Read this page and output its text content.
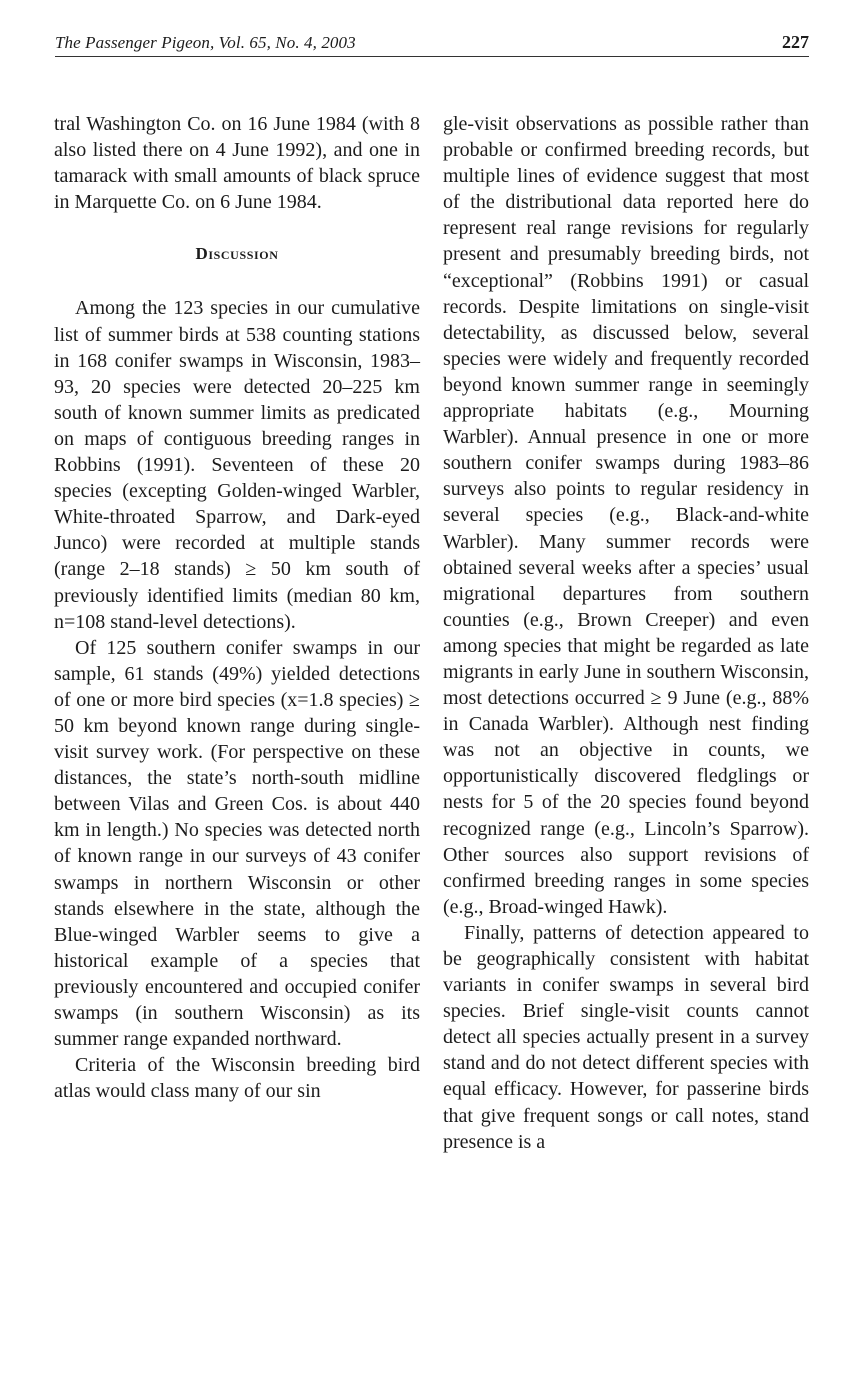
The Passenger Pigeon, Vol. 65, No. 4, 2003	227

tral Washington Co. on 16 June 1984 (with 8 also listed there on 4 June 1992), and one in tamarack with small amounts of black spruce in Marquette Co. on 6 June 1984.

Discussion

Among the 123 species in our cumulative list of summer birds at 538 counting stations in 168 conifer swamps in Wisconsin, 1983–93, 20 species were detected 20–225 km south of known summer limits as predicated on maps of contiguous breeding ranges in Robbins (1991). Seventeen of these 20 species (excepting Golden-winged Warbler, White-throated Sparrow, and Dark-eyed Junco) were recorded at multiple stands (range 2–18 stands) ≥ 50 km south of previously identified limits (median 80 km, n=108 stand-level detections).

Of 125 southern conifer swamps in our sample, 61 stands (49%) yielded detections of one or more bird species (x=1.8 species) ≥ 50 km beyond known range during single-visit survey work. (For perspective on these distances, the state’s north-south midline between Vilas and Green Cos. is about 440 km in length.) No species was detected north of known range in our surveys of 43 conifer swamps in northern Wisconsin or other stands elsewhere in the state, although the Blue-winged Warbler seems to give a historical example of a species that previously encountered and occupied conifer swamps (in southern Wisconsin) as its summer range expanded northward.

Criteria of the Wisconsin breeding bird atlas would class many of our sin

gle-visit observations as possible rather than probable or confirmed breeding records, but multiple lines of evidence suggest that most of the distributional data reported here do represent real range revisions for regularly present and presumably breeding birds, not “exceptional” (Robbins 1991) or casual records. Despite limitations on single-visit detectability, as discussed below, several species were widely and frequently recorded beyond known summer range in seemingly appropriate habitats (e.g., Mourning Warbler). Annual presence in one or more southern conifer swamps during 1983–86 surveys also points to regular residency in several species (e.g., Black-and-white Warbler). Many summer records were obtained several weeks after a species’ usual migrational departures from southern counties (e.g., Brown Creeper) and even among species that might be regarded as late migrants in early June in southern Wisconsin, most detections occurred ≥ 9 June (e.g., 88% in Canada Warbler). Although nest finding was not an objective in counts, we opportunistically discovered fledglings or nests for 5 of the 20 species found beyond recognized range (e.g., Lincoln’s Sparrow). Other sources also support revisions of confirmed breeding ranges in some species (e.g., Broad-winged Hawk).

Finally, patterns of detection appeared to be geographically consistent with habitat variants in conifer swamps in several bird species. Brief single-visit counts cannot detect all species actually present in a survey stand and do not detect different species with equal efficacy. However, for passerine birds that give frequent songs or call notes, stand presence is a
